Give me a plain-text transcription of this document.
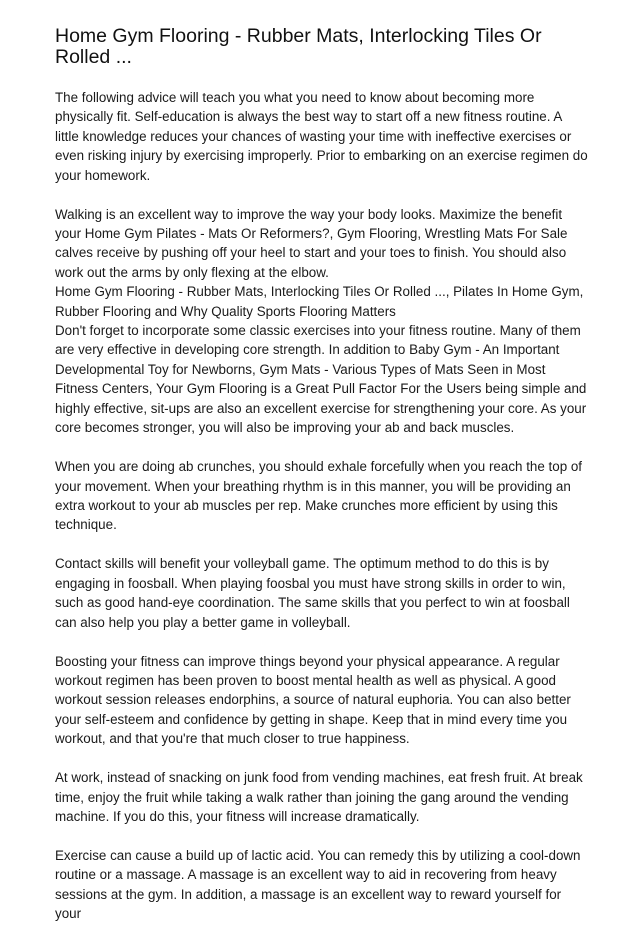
Home Gym Flooring - Rubber Mats, Interlocking Tiles Or Rolled ...

The following advice will teach you what you need to know about becoming more physically fit. Self-education is always the best way to start off a new fitness routine. A little knowledge reduces your chances of wasting your time with ineffective exercises or even risking injury by exercising improperly. Prior to embarking on an exercise regimen do your homework.

Walking is an excellent way to improve the way your body looks. Maximize the benefit your Home Gym Pilates - Mats Or Reformers?, Gym Flooring, Wrestling Mats For Sale calves receive by pushing off your heel to start and your toes to finish. You should also work out the arms by only flexing at the elbow.

Home Gym Flooring - Rubber Mats, Interlocking Tiles Or Rolled ..., Pilates In Home Gym, Rubber Flooring and Why Quality Sports Flooring Matters

Don't forget to incorporate some classic exercises into your fitness routine. Many of them are very effective in developing core strength. In addition to Baby Gym - An Important Developmental Toy for Newborns, Gym Mats - Various Types of Mats Seen in Most Fitness Centers, Your Gym Flooring is a Great Pull Factor For the Users being simple and highly effective, sit-ups are also an excellent exercise for strengthening your core. As your core becomes stronger, you will also be improving your ab and back muscles.

When you are doing ab crunches, you should exhale forcefully when you reach the top of your movement. When your breathing rhythm is in this manner, you will be providing an extra workout to your ab muscles per rep. Make crunches more efficient by using this technique.

Contact skills will benefit your volleyball game. The optimum method to do this is by engaging in foosball. When playing foosbal you must have strong skills in order to win, such as good hand-eye coordination. The same skills that you perfect to win at foosball can also help you play a better game in volleyball.

Boosting your fitness can improve things beyond your physical appearance. A regular workout regimen has been proven to boost mental health as well as physical. A good workout session releases endorphins, a source of natural euphoria. You can also better your self-esteem and confidence by getting in shape. Keep that in mind every time you workout, and that you're that much closer to true happiness.

At work, instead of snacking on junk food from vending machines, eat fresh fruit. At break time, enjoy the fruit while taking a walk rather than joining the gang around the vending machine. If you do this, your fitness will increase dramatically.

Exercise can cause a build up of lactic acid. You can remedy this by utilizing a cool-down routine or a massage. A massage is an excellent way to aid in recovering from heavy sessions at the gym. In addition, a massage is an excellent way to reward yourself for your
